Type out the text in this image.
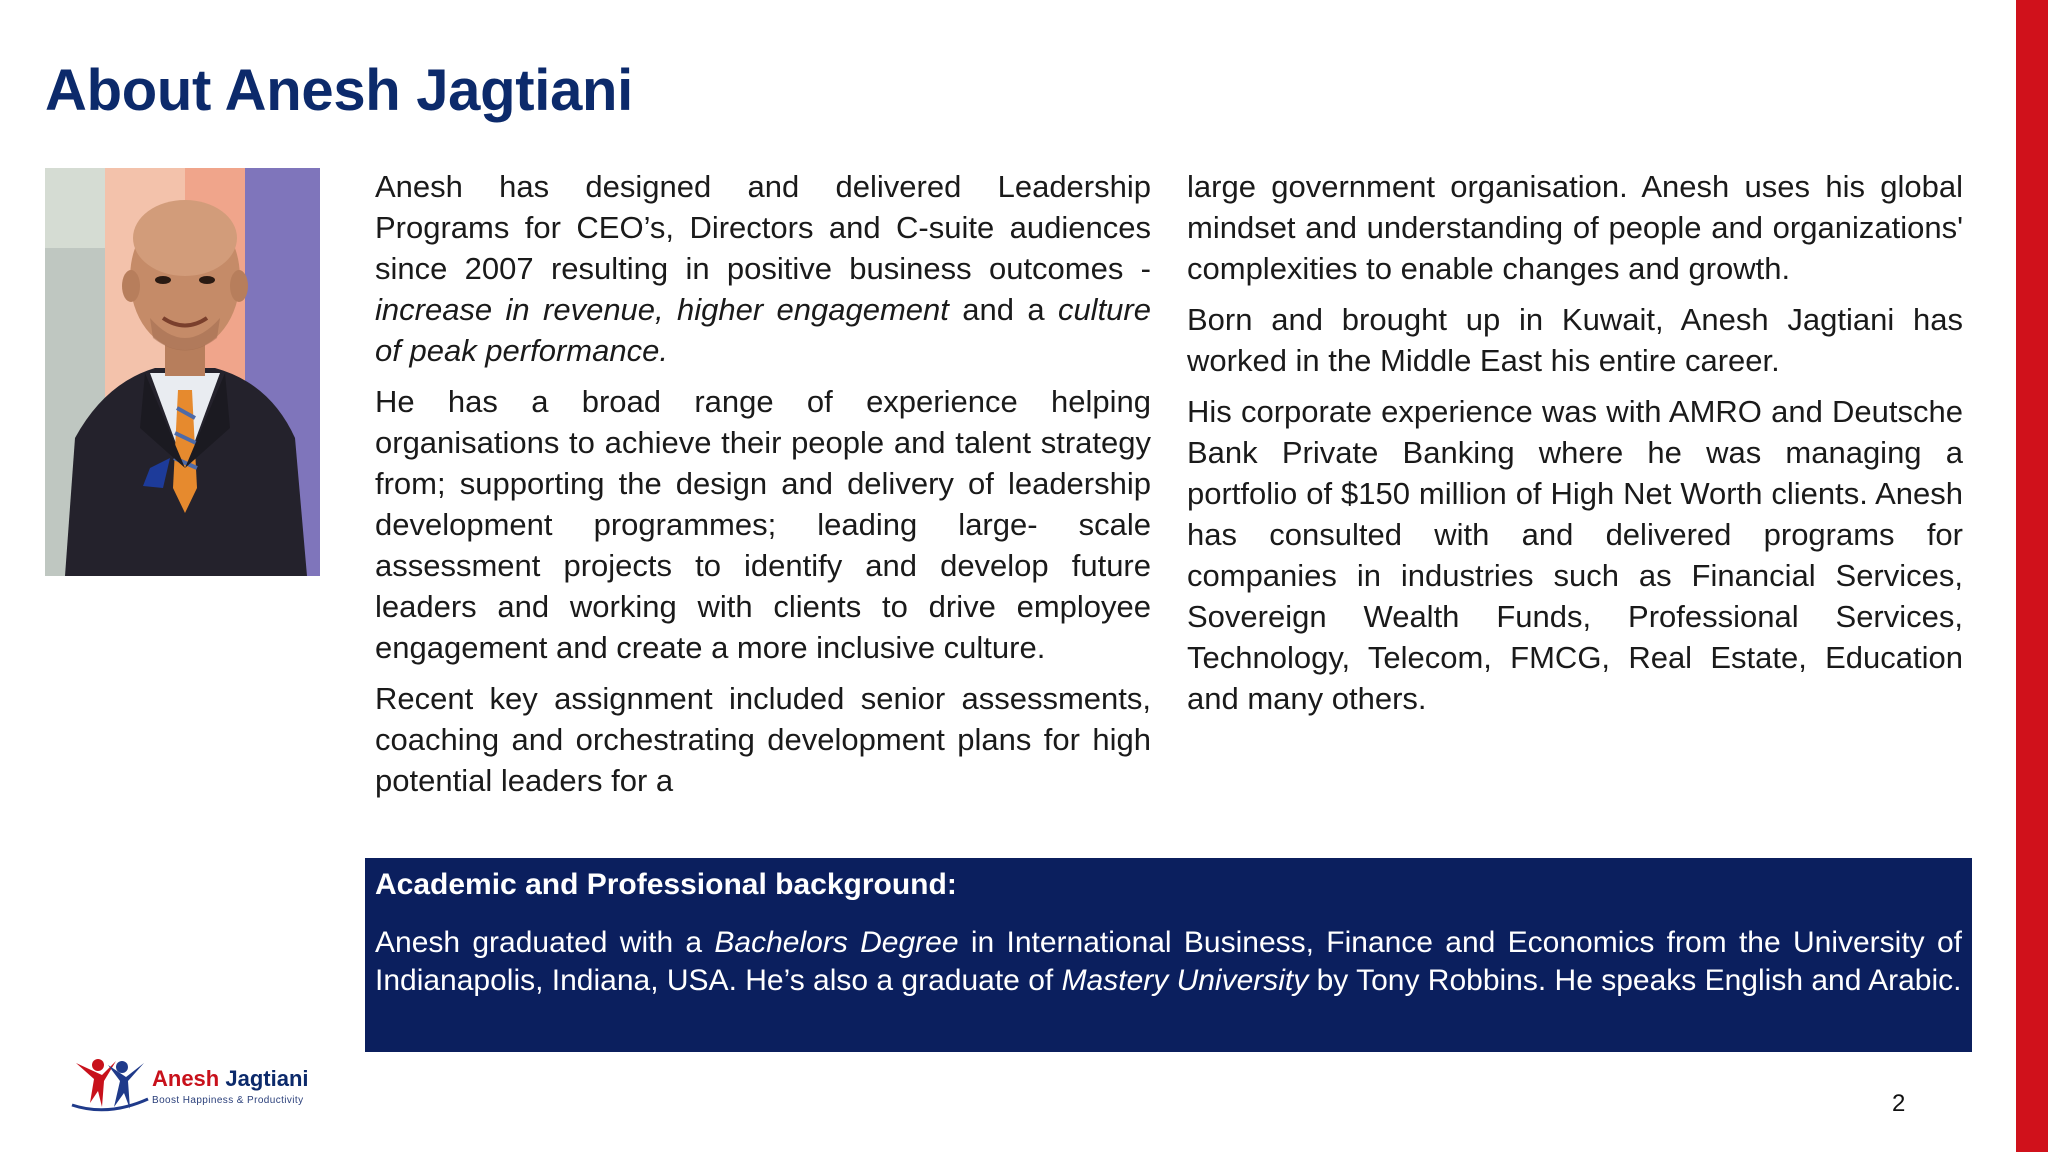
About Anesh Jagtiani

Anesh has designed and delivered Leadership Programs for CEO’s, Directors and C-suite audiences since 2007 resulting in positive business outcomes - increase in revenue, higher engagement and a culture of peak performance.

He has a broad range of experience helping organisations to achieve their people and talent strategy from; supporting the design and delivery of leadership development programmes; leading large- scale assessment projects to identify and develop future leaders and working with clients to drive employee engagement and create a more inclusive culture.

Recent key assignment included senior assessments, coaching and orchestrating development plans for high potential leaders for a

large government organisation. Anesh uses his global mindset and understanding of people and organizations' complexities to enable changes and growth.

Born and brought up in Kuwait, Anesh Jagtiani has worked in the Middle East his entire career.

His corporate experience was with AMRO and Deutsche Bank Private Banking where he was managing a portfolio of $150 million of High Net Worth clients. Anesh has consulted with and delivered programs for companies in industries such as Financial Services, Sovereign Wealth Funds, Professional Services, Technology, Telecom, FMCG, Real Estate, Education and many others.

Academic and Professional background:

Anesh graduated with a Bachelors Degree in International Business, Finance and Economics from the University of Indianapolis, Indiana, USA. He’s also a graduate of Mastery University by Tony Robbins. He speaks English and Arabic.

Anesh Jagtiani
Boost Happiness & Productivity	2
